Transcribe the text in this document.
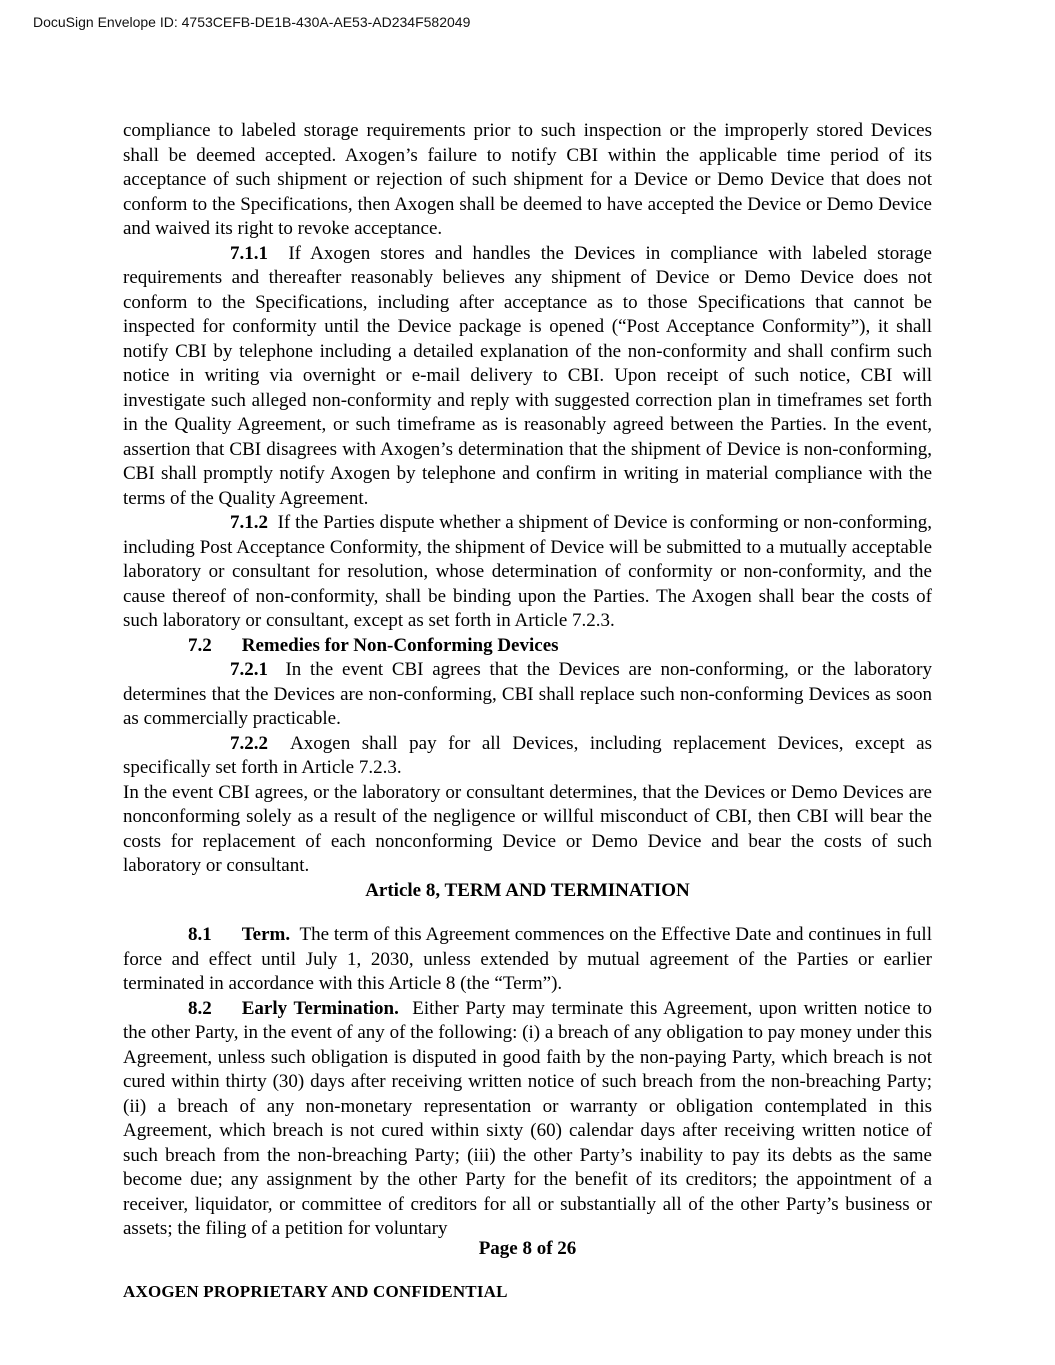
DocuSign Envelope ID: 4753CEFB-DE1B-430A-AE53-AD234F582049

compliance to labeled storage requirements prior to such inspection or the improperly stored Devices shall be deemed accepted. Axogen’s failure to notify CBI within the applicable time period of its acceptance of such shipment or rejection of such shipment for a Device or Demo Device that does not conform to the Specifications, then Axogen shall be deemed to have accepted the Device or Demo Device and waived its right to revoke acceptance.

7.1.1  If Axogen stores and handles the Devices in compliance with labeled storage requirements and thereafter reasonably believes any shipment of Device or Demo Device does not conform to the Specifications, including after acceptance as to those Specifications that cannot be inspected for conformity until the Device package is opened (“Post Acceptance Conformity”), it shall notify CBI by telephone including a detailed explanation of the non-conformity and shall confirm such notice in writing via overnight or e-mail delivery to CBI. Upon receipt of such notice, CBI will investigate such alleged non-conformity and reply with suggested correction plan in timeframes set forth in the Quality Agreement, or such timeframe as is reasonably agreed between the Parties. In the event, assertion that CBI disagrees with Axogen’s determination that the shipment of Device is non-conforming, CBI shall promptly notify Axogen by telephone and confirm in writing in material compliance with the terms of the Quality Agreement.

7.1.2  If the Parties dispute whether a shipment of Device is conforming or non-conforming, including Post Acceptance Conformity, the shipment of Device will be submitted to a mutually acceptable laboratory or consultant for resolution, whose determination of conformity or non-conformity, and the cause thereof of non-conformity, shall be binding upon the Parties. The Axogen shall bear the costs of such laboratory or consultant, except as set forth in Article 7.2.3.

7.2 Remedies for Non-Conforming Devices

7.2.1  In the event CBI agrees that the Devices are non-conforming, or the laboratory determines that the Devices are non-conforming, CBI shall replace such non-conforming Devices as soon as commercially practicable.

7.2.2  Axogen shall pay for all Devices, including replacement Devices, except as specifically set forth in Article 7.2.3.

In the event CBI agrees, or the laboratory or consultant determines, that the Devices or Demo Devices are nonconforming solely as a result of the negligence or willful misconduct of CBI, then CBI will bear the costs for replacement of each nonconforming Device or Demo Device and bear the costs of such laboratory or consultant.

Article 8, TERM AND TERMINATION

8.1 Term.  The term of this Agreement commences on the Effective Date and continues in full force and effect until July 1, 2030, unless extended by mutual agreement of the Parties or earlier terminated in accordance with this Article 8 (the “Term”).

8.2 Early Termination.  Either Party may terminate this Agreement, upon written notice to the other Party, in the event of any of the following: (i) a breach of any obligation to pay money under this Agreement, unless such obligation is disputed in good faith by the non-paying Party, which breach is not cured within thirty (30) days after receiving written notice of such breach from the non-breaching Party; (ii) a breach of any non-monetary representation or warranty or obligation contemplated in this Agreement, which breach is not cured within sixty (60) calendar days after receiving written notice of such breach from the non-breaching Party; (iii) the other Party’s inability to pay its debts as the same become due; any assignment by the other Party for the benefit of its creditors; the appointment of a receiver, liquidator, or committee of creditors for all or substantially all of the other Party’s business or assets; the filing of a petition for voluntary

Page 8 of 26
AXOGEN PROPRIETARY AND CONFIDENTIAL
